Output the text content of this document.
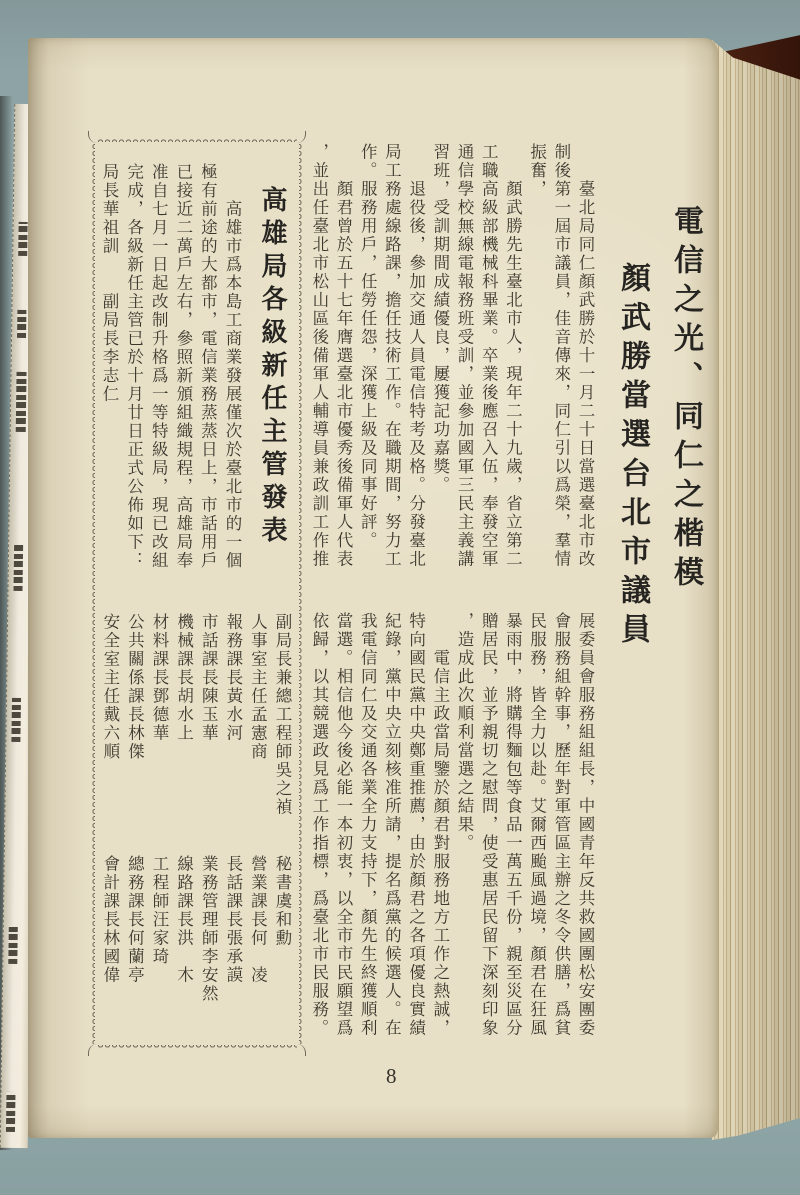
電信之光、同仁之楷模
顏武勝當選台北市議員
　　臺北局同仁顏武勝於十一月二十日當選臺北市改
制後第一屆市議員，佳音傳來，同仁引以爲榮，羣情
振奮，
　　顏武勝先生臺北市人，現年二十九歲，省立第二
工職高級部機械科畢業。卒業後應召入伍，奉發空軍
通信學校無線電報務班受訓，並參加國軍三民主義講
習班，受訓期間成績優良，屢獲記功嘉獎。
　　退役後，參加交通人員電信特考及格。分發臺北
局工務處線路課，擔任技術工作。在職期間，努力工
作。服務用戶，任勞任怨，深獲上級及同事好評。
　　顏君曾於五十七年膺選臺北市優秀後備軍人代表
，並出任臺北市松山區後備軍人輔導員兼政訓工作推
展委員會服務組組長，中國青年反共救國團松安團委
會服務組幹事，歷年對軍管區主辦之冬令供膳，爲貧
民服務，皆全力以赴。艾爾西颱風過境，顏君在狂風
暴雨中，將購得麵包等食品一萬五千份，親至災區分
贈居民，並予親切之慰問，使受惠居民留下深刻印象
，造成此次順利當選之結果。
　　電信主政當局鑒於顏君對服務地方工作之熱誠，
特向國民黨中央鄭重推薦，由於顏君之各項優良實績
紀錄，黨中央立刻核准所請，提名爲黨的候選人。在
我電信同仁及交通各業全力支持下，顏先生終獲順利
當選。相信他今後必能一本初衷，以全市市民願望爲
依歸，以其競選政見爲工作指標，爲臺北市民服務。
高雄局各級新任主管發表
　　高雄市爲本島工商業發展僅次於臺北市的一個
極有前途的大都市，電信業務蒸蒸日上，市話用戶
已接近二萬戶左右，參照新頒組織規程，高雄局奉
准自七月一日起改制升格爲一等特級局，現已改組
完成，各級新任主管已於十月廿日正式公佈如下：
局長華祖訓　　副局長李志仁
副局長兼總工程師吳之禎
人事室主任孟憲商
報務課長黃水河
市話課長陳玉華
機械課長胡水上
材料課長鄧德華
公共關係課長林傑
安全室主任戴六順
秘書虞和勳
營業課長何　凌
長話課長張承謨
業務管理師李安然
線路課長洪　木
工程師汪家琦
總務課長何蘭亭
會計課長林國偉
8
